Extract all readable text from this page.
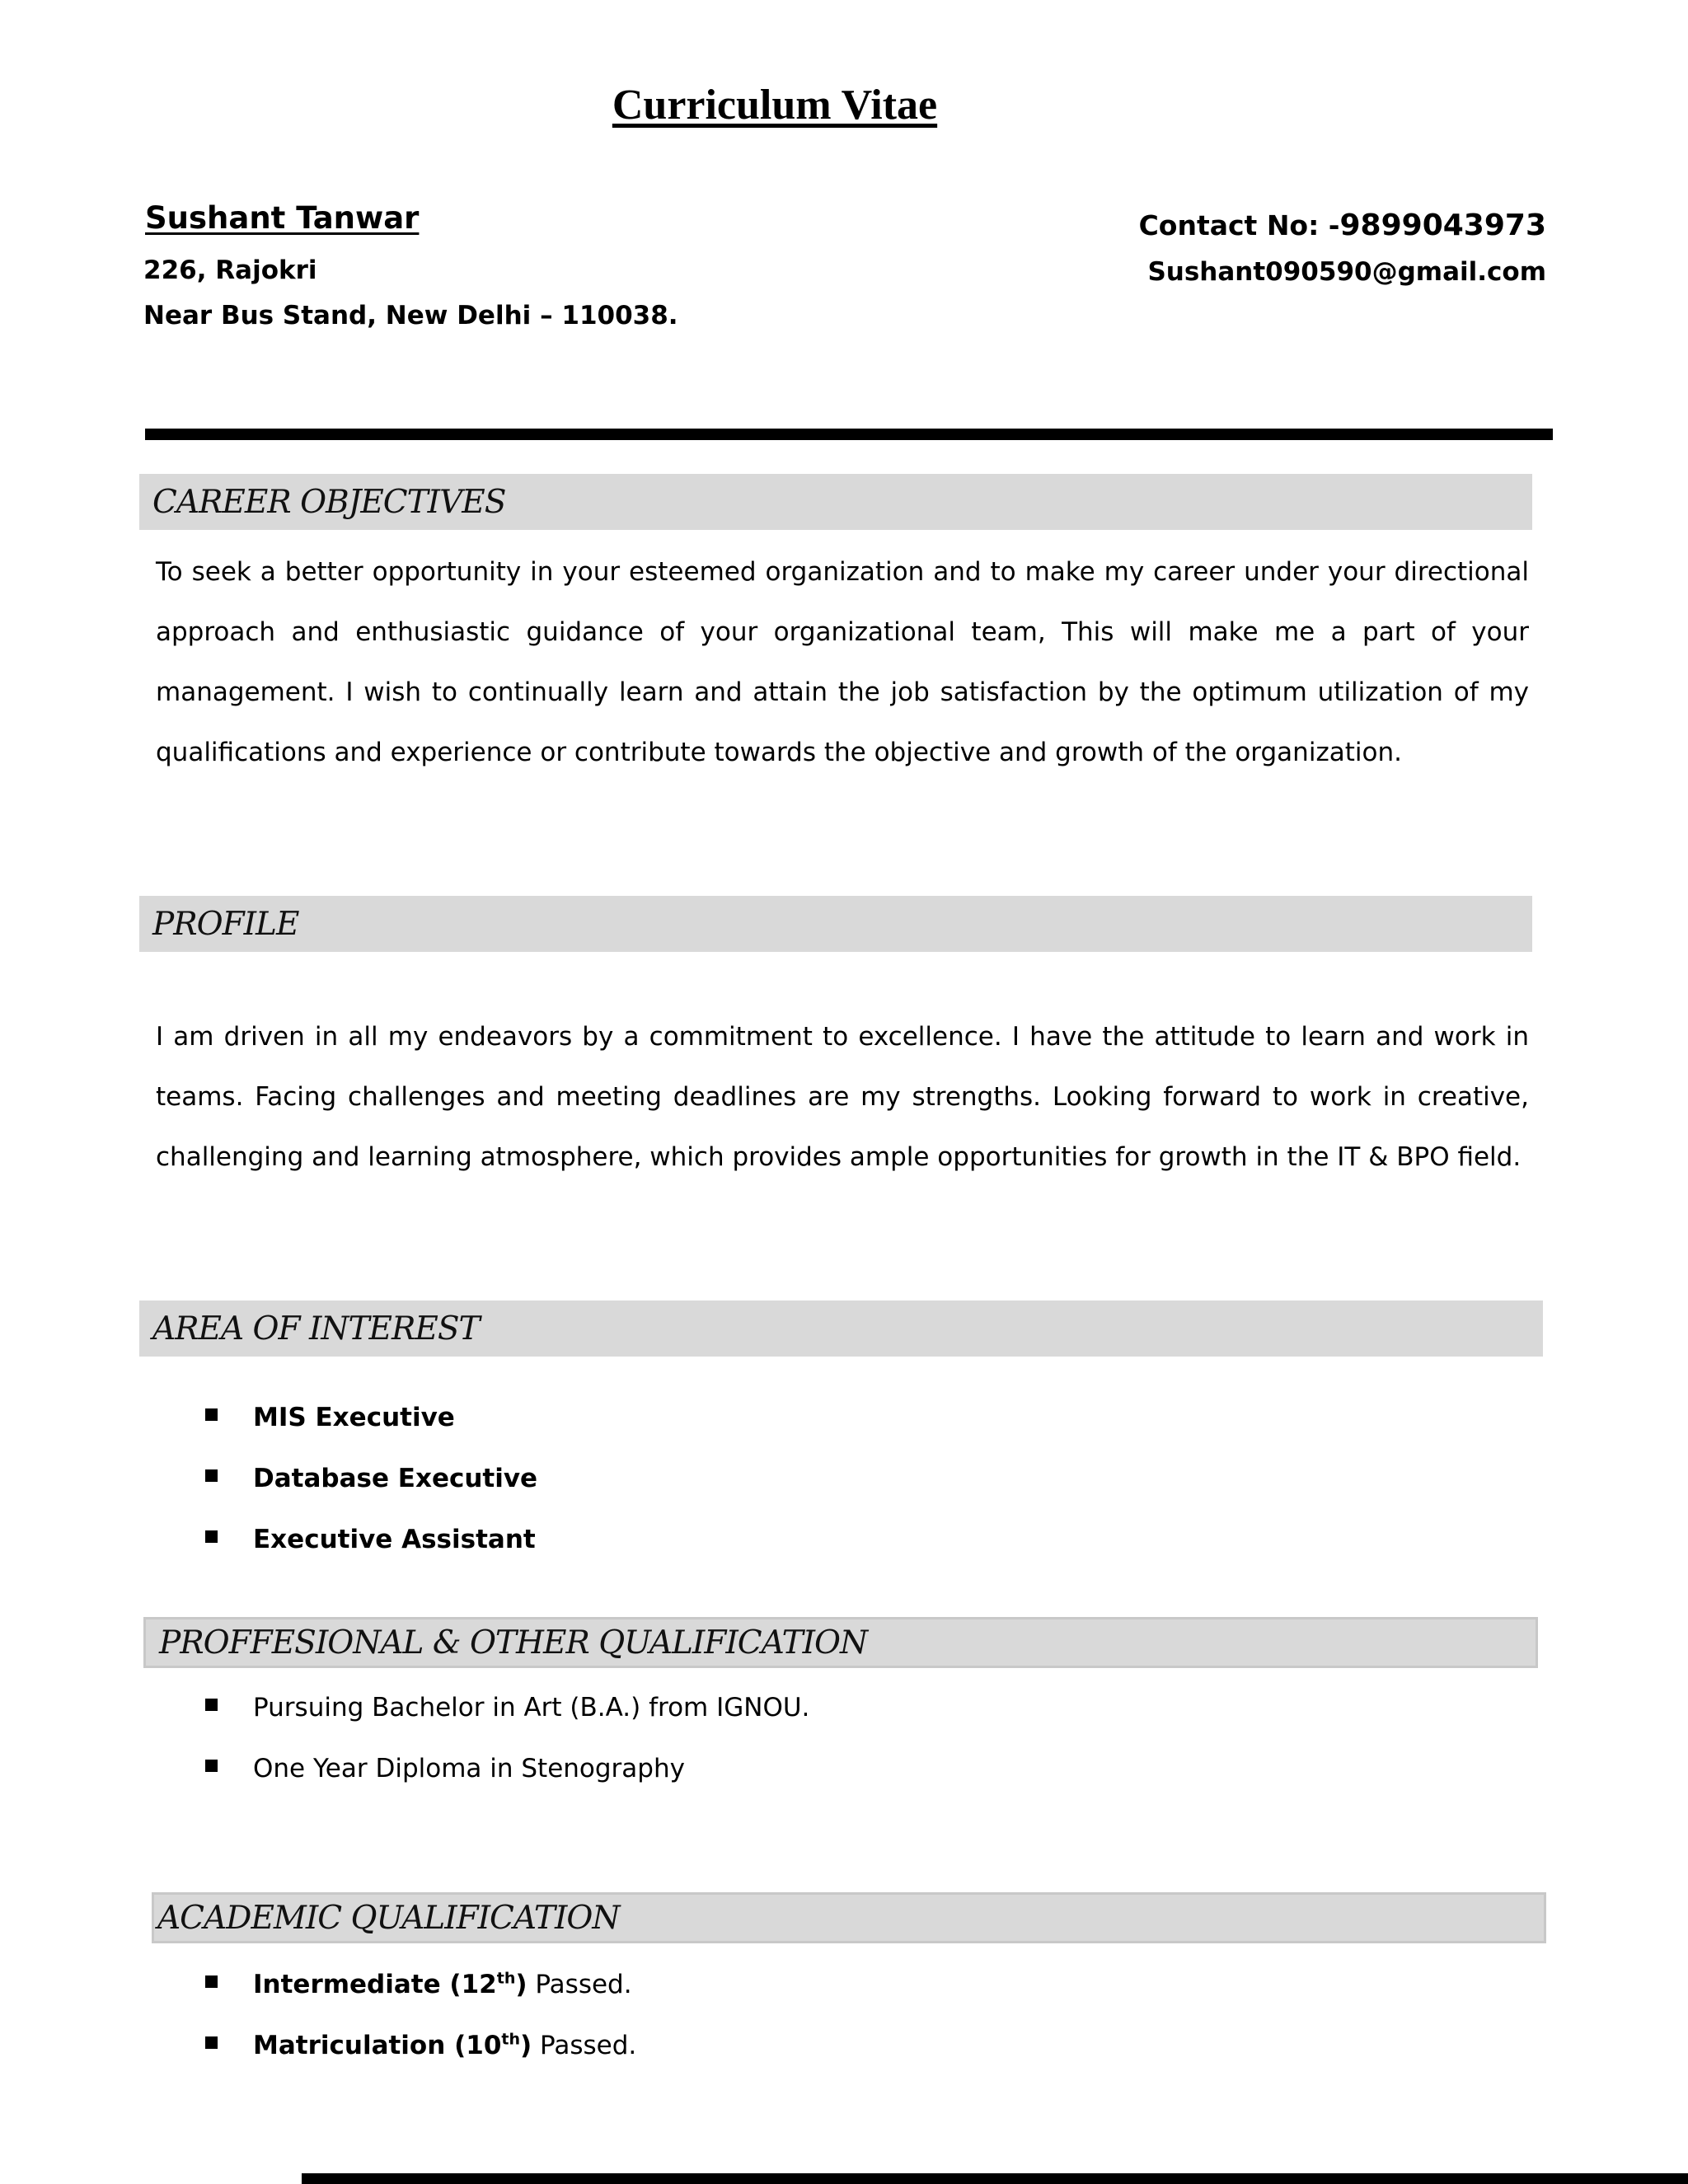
Curriculum Vitae
Sushant Tanwar
226, Rajokri
Near Bus Stand, New Delhi – 110038.
Contact No: -9899043973
Sushant090590@gmail.com
CAREER OBJECTIVES

To seek a better opportunity in your esteemed organization and to make my career under your directional approach and enthusiastic guidance of your organizational team, This will make me a part of your management. I wish to continually learn and attain the job satisfaction by the optimum utilization of my qualifications and experience or contribute towards the objective and growth of the organization.

PROFILE

I am driven in all my endeavors by a commitment to excellence. I have the attitude to learn and work in teams. Facing challenges and meeting deadlines are my strengths. Looking forward to work in creative, challenging and learning atmosphere, which provides ample opportunities for growth in the IT & BPO field.

AREA OF INTEREST
MIS Executive
Database Executive
Executive Assistant
PROFFESIONAL & OTHER QUALIFICATION
Pursuing Bachelor in Art (B.A.) from IGNOU.
One Year Diploma in Stenography
ACADEMIC QUALIFICATION
Intermediate (12th) Passed.
Matriculation (10th) Passed.
